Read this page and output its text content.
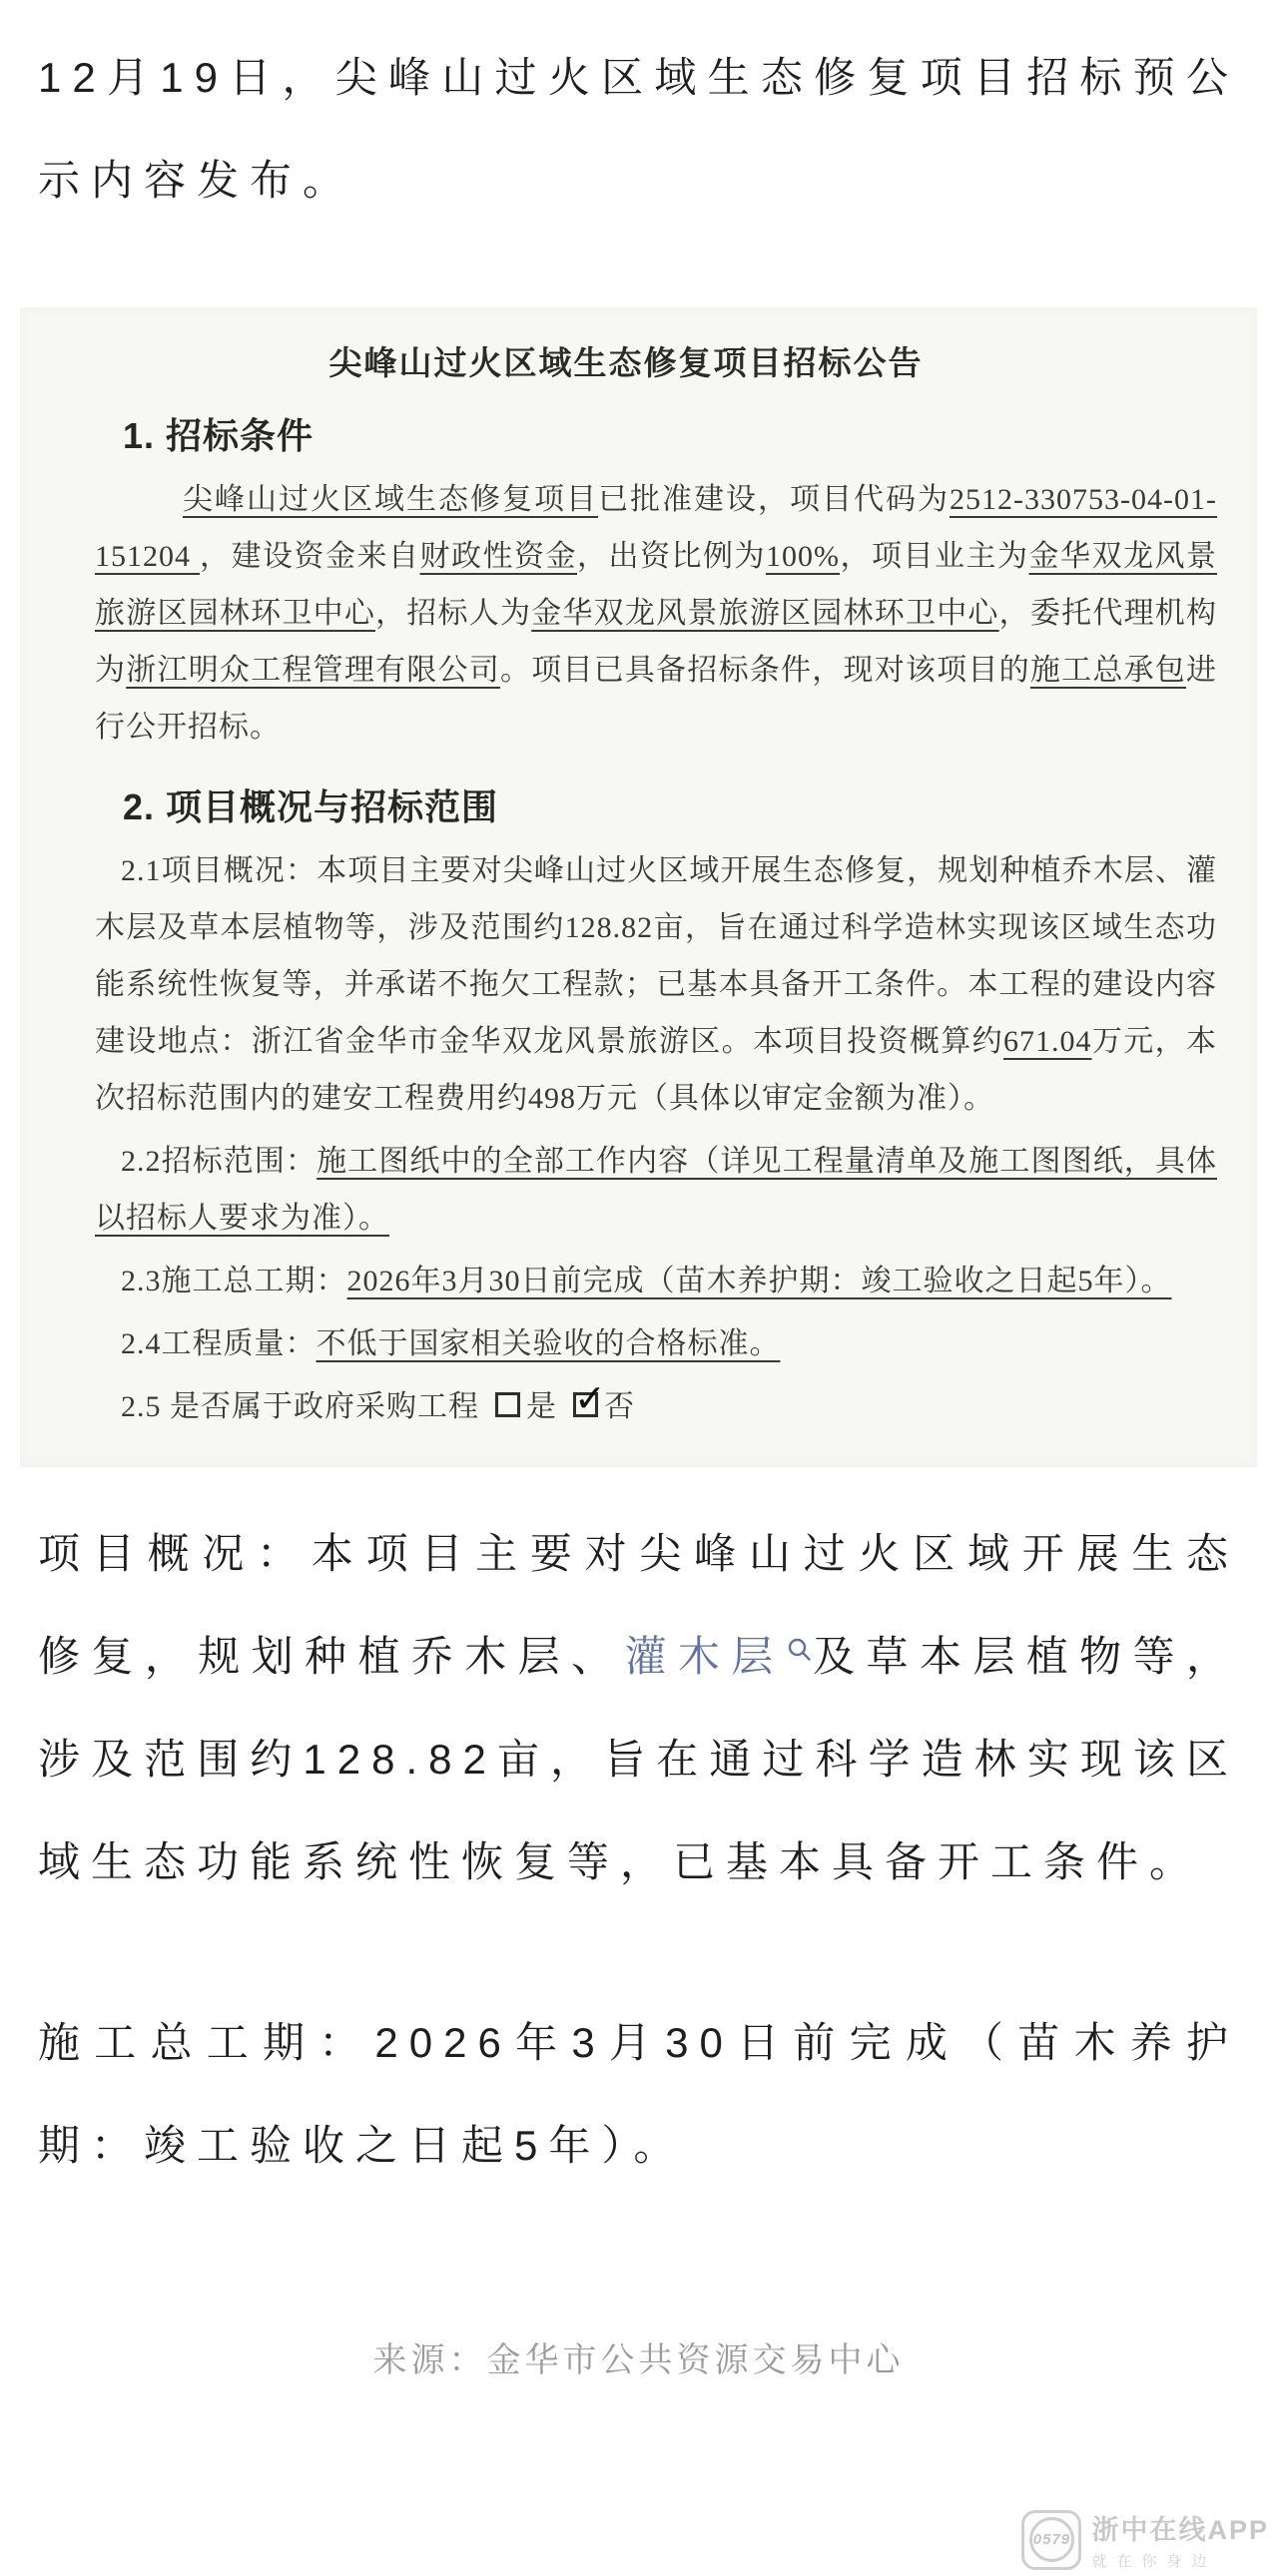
12月19日，尖峰山过火区域生态修复项目招标预公示内容发布。

尖峰山过火区域生态修复项目招标公告
1. 招标条件

尖峰山过火区域生态修复项目已批准建设，项目代码为2512-330753-04-01-151204 ，建设资金来自财政性资金，出资比例为100%，项目业主为金华双龙风景旅游区园林环卫中心，招标人为金华双龙风景旅游区园林环卫中心，委托代理机构为浙江明众工程管理有限公司。项目已具备招标条件，现对该项目的施工总承包进行公开招标。

2. 项目概况与招标范围

2.1项目概况：本项目主要对尖峰山过火区域开展生态修复，规划种植乔木层、灌木层及草本层植物等，涉及范围约128.82亩，旨在通过科学造林实现该区域生态功能系统性恢复等，并承诺不拖欠工程款；已基本具备开工条件。本工程的建设内容建设地点：浙江省金华市金华双龙风景旅游区。本项目投资概算约671.04万元，本次招标范围内的建安工程费用约498万元（具体以审定金额为准）。

2.2招标范围：施工图纸中的全部工作内容（详见工程量清单及施工图图纸，具体以招标人要求为准）。

2.3施工总工期：2026年3月30日前完成（苗木养护期：竣工验收之日起5年）。

2.4工程质量：不低于国家相关验收的合格标准。

2.5 是否属于政府采购工程 是 ✓
否

项目概况：本项目主要对尖峰山过火区域开展生态修复，规划种植乔木层、灌木层 及草本层植物等，涉及范围约128.82亩，旨在通过科学造林实现该区域生态功能系统性恢复等，已基本具备开工条件。

施工总工期：2026年3月30日前完成（苗木养护期：竣工验收之日起5年）。

来源：金华市公共资源交易中心

0579 浙中在线APP
就在你身边
